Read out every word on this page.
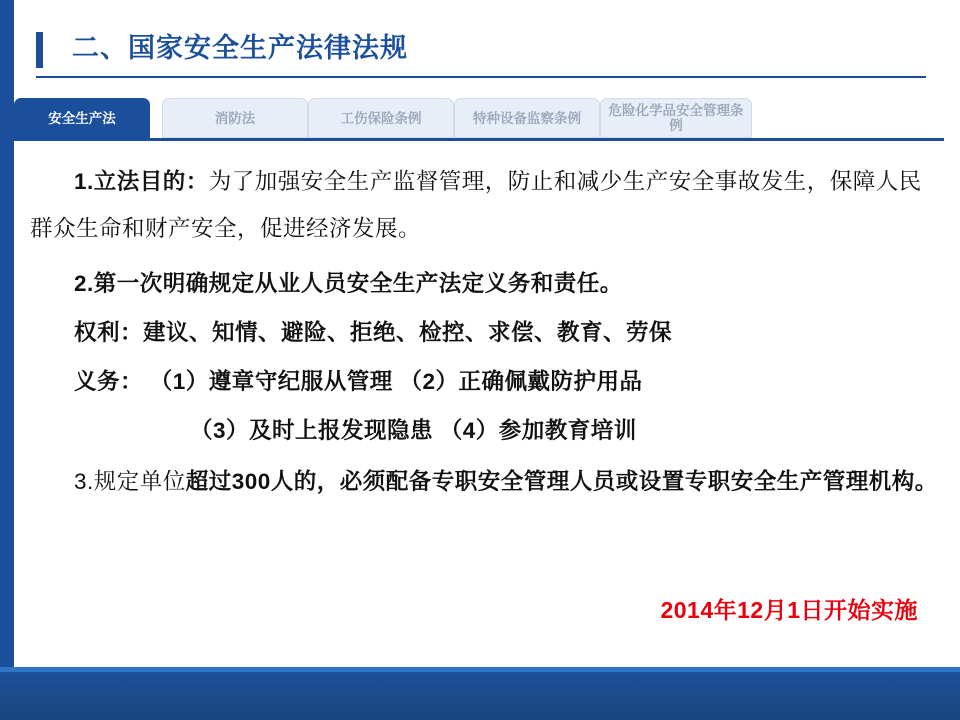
二、国家安全生产法律法规
安全生产法	消防法	工伤保险条例	特种设备监察条例 危险化学品安全管理条例

1.立法目的：为了加强安全生产监督管理，防止和减少生产安全事故发生，保障人民群众生命和财产安全，促进经济发展。

2.第一次明确规定从业人员安全生产法定义务和责任。

权利：建议、知情、避险、拒绝、检控、求偿、教育、劳保

义务： （1）遵章守纪服从管理 （2）正确佩戴防护用品

（3）及时上报发现隐患 （4）参加教育培训

3.规定单位超过300人的，必须配备专职安全管理人员或设置专职安全生产管理机构。

2014年12月1日开始实施
